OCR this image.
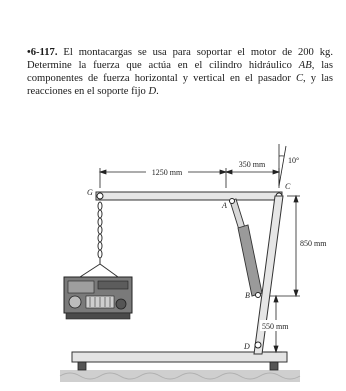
•6-117. El montacargas se usa para soportar el motor de 200 kg. Determine la fuerza que actúa en el cilindro hidráulico AB, las componentes de fuerza horizontal y vertical en el pasador C, y las reacciones en el soporte fijo D.
1250 mm
350 mm	10°
850 mm
550 mm
G
A
B
C
D
